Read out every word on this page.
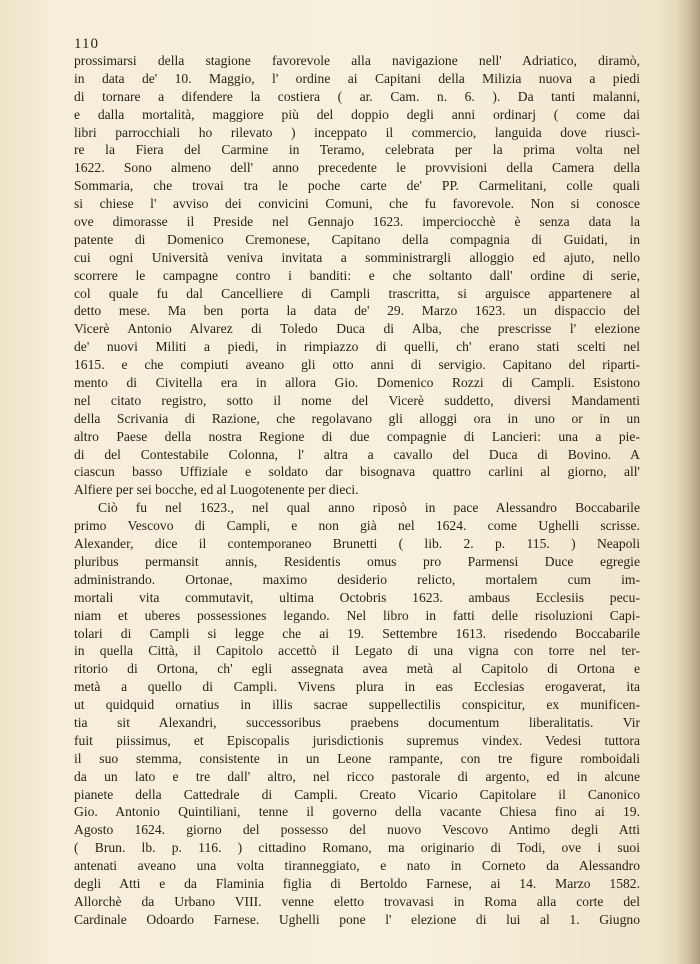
110
prossimarsi della stagione favorevole alla navigazione nell' Adriatico, diramò,
in data de' 10. Maggio, l' ordine ai Capitani della Milizia nuova a piedi
di tornare a difendere la costiera ( ar. Cam. n. 6. ). Da tanti malanni,
e dalla mortalità, maggiore più del doppio degli anni ordinarj ( come dai
libri parrocchiali ho rilevato ) inceppato il commercio, languida dove riuscì-
re la Fiera del Carmine in Teramo, celebrata per la prima volta nel
1622. Sono almeno dell' anno precedente le provvisioni della Camera della
Sommaria, che trovai tra le poche carte de' PP. Carmelitani, colle quali
si chiese l' avviso dei convicini Comuni, che fu favorevole. Non si conosce
ove dimorasse il Preside nel Gennajo 1623. imperciocchè è senza data la
patente di Domenico Cremonese, Capitano della compagnia di Guidati, in
cui ogni Università veniva invitata a somministrargli alloggio ed ajuto, nello
scorrere le campagne contro i banditi: e che soltanto dall' ordine di serie,
col quale fu dal Cancelliere di Campli trascritta, si arguisce appartenere al
detto mese. Ma ben porta la data de' 29. Marzo 1623. un dispaccio del
Vicerè Antonio Alvarez di Toledo Duca di Alba, che prescrisse l' elezione
de' nuovi Militi a piedi, in rimpiazzo di quelli, ch' erano stati scelti nel
1615. e che compiuti aveano gli otto anni di servigio. Capitano del riparti-
mento di Civitella era in allora Gio. Domenico Rozzi di Campli. Esistono
nel citato registro, sotto il nome del Vicerè suddetto, diversi Mandamenti
della Scrivania di Razione, che regolavano gli alloggi ora in uno or in un
altro Paese della nostra Regione di due compagnie di Lancieri: una a pie-
di del Contestabile Colonna, l' altra a cavallo del Duca di Bovino. A
ciascun basso Uffiziale e soldato dar bisognava quattro carlini al giorno, all'
Alfiere per sei bocche, ed al Luogotenente per dieci.
Ciò fu nel 1623., nel qual anno riposò in pace Alessandro Boccabarile
primo Vescovo di Campli, e non già nel 1624. come Ughelli scrisse.
Alexander, dice il contemporaneo Brunetti ( lib. 2. p. 115. ) Neapoli
pluribus permansit annis, Residentis omus pro Parmensi Duce egregie
administrando. Ortonae, maximo desiderio relicto, mortalem cum im-
mortali vita commutavit, ultima Octobris 1623. ambaus Ecclesiis pecu-
niam et uberes possessiones legando. Nel libro in fatti delle risoluzioni Capi-
tolari di Campli si legge che ai 19. Settembre 1613. risedendo Boccabarile
in quella Città, il Capitolo accettò il Legato di una vigna con torre nel ter-
ritorio di Ortona, ch' egli assegnata avea metà al Capitolo di Ortona e
metà a quello di Campli. Vivens plura in eas Ecclesias erogaverat, ita
ut quidquid ornatius in illis sacrae suppellectilis conspicitur, ex munificen-
tia sit Alexandri, successoribus praebens documentum liberalitatis. Vir
fuit piissimus, et Episcopalis jurisdictionis supremus vindex. Vedesi tuttora
il suo stemma, consistente in un Leone rampante, con tre figure romboidali
da un lato e tre dall' altro, nel ricco pastorale di argento, ed in alcune
pianete della Cattedrale di Campli. Creato Vicario Capitolare il Canonico
Gio. Antonio Quintiliani, tenne il governo della vacante Chiesa fino ai 19.
Agosto 1624. giorno del possesso del nuovo Vescovo Antimo degli Atti
( Brun. lb. p. 116. ) cittadino Romano, ma originario di Todi, ove i suoi
antenati aveano una volta tiranneggiato, e nato in Corneto da Alessandro
degli Atti e da Flaminia figlia di Bertoldo Farnese, ai 14. Marzo 1582.
Allorchè da Urbano VIII. venne eletto trovavasi in Roma alla corte del
Cardinale Odoardo Farnese. Ughelli pone l' elezione di lui al 1. Giugno
